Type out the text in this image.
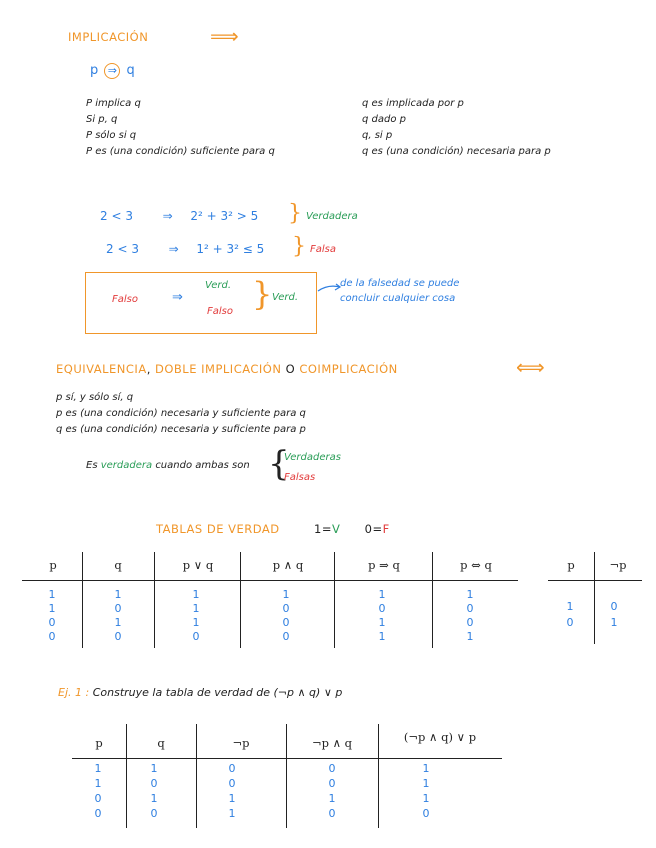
IMPLICACIÓN	⟹
p ⇒ q
P implica q
Si p, q
P sólo si q
P es (una condición) suficiente para q
q es implicada por p
q dado p
q, si p
q es (una condición) necesaria para p
2 < 3 ⇒ 2² + 3² > 5 } Verdadera
2 < 3 ⇒ 1² + 3² ≤ 5 } Falsa
Falso	⇒
Verd.
Falso } Verd.
de la falsedad se puede
concluir cualquier cosa
EQUIVALENCIA, DOBLE IMPLICACIÓN O COIMPLICACIÓN	⟺
p sí, y sólo sí, q
p es (una condición) necesaria y suficiente para q
q es (una condición) necesaria y suficiente para p
Es verdadera cuando ambas son {
Verdaderas
Falsas
TABLAS DE VERDAD	1=V 0=F
p	q	p ∨ q	p ∧ q	p ⇒ q	p ⇔ q
1	1	1	1	1	1
1	0	1	0	0	0
0	1	1	0	1	0
0	0	0	0	1	1
p	¬p
1	0
0	1
Ej. 1 : Construye la tabla de verdad de (¬p ∧ q) ∨ p
p	q	¬p	¬p ∧ q	(¬p ∧ q) ∨ p
1	1	0	0	1
1	0	0	0	1
0	1	1	1	1
0	0	1	0	0
